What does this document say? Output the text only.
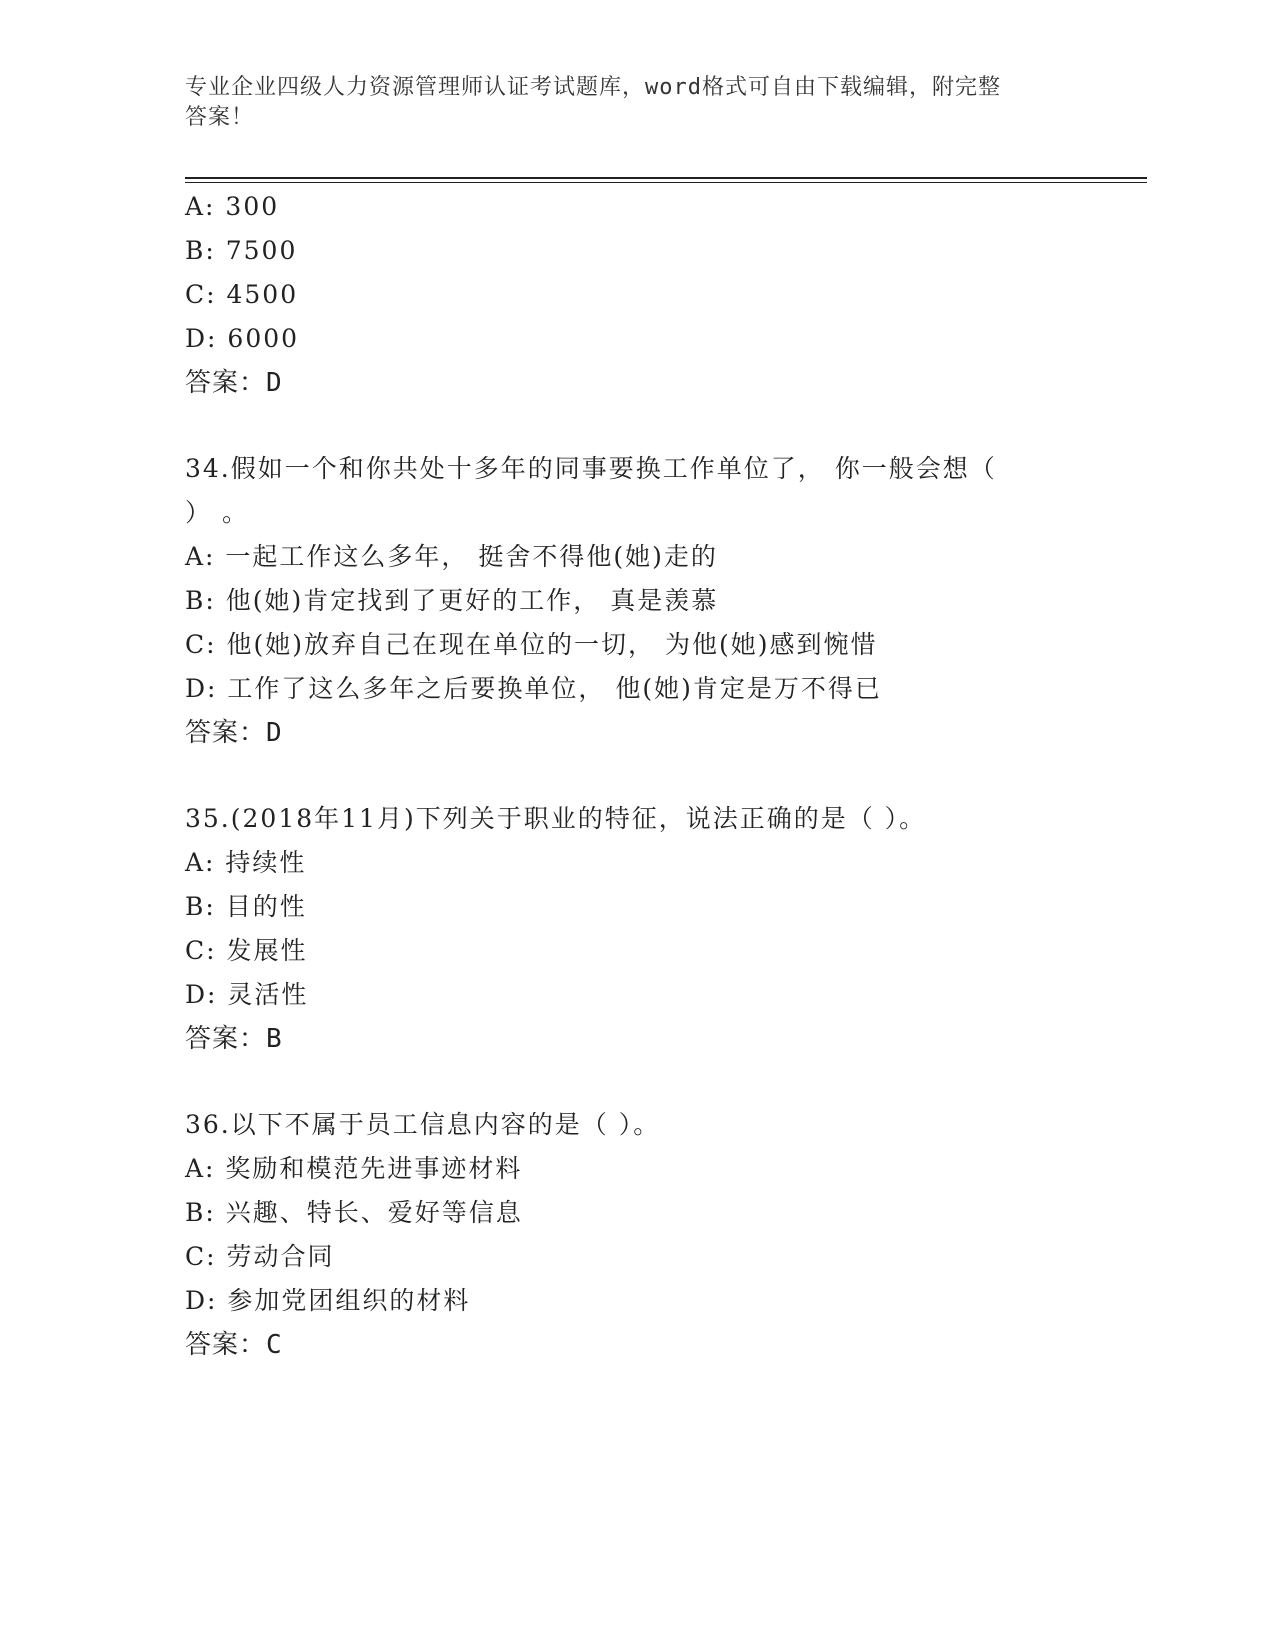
专业企业四级人力资源管理师认证考试题库，word格式可自由下载编辑，附完整
答案！
A: 300
B: 7500
C: 4500
D: 6000
答案：D
34.假如一个和你共处十多年的同事要换工作单位了， 你一般会想（
） 。
A: 一起工作这么多年， 挺舍不得他(她)走的
B: 他(她)肯定找到了更好的工作， 真是羡慕
C: 他(她)放弃自己在现在单位的一切， 为他(她)感到惋惜
D: 工作了这么多年之后要换单位， 他(她)肯定是万不得已
答案：D
35.(2018年11月)下列关于职业的特征，说法正确的是（ ）。
A: 持续性
B: 目的性
C: 发展性
D: 灵活性
答案：B
36.以下不属于员工信息内容的是（ ）。
A: 奖励和模范先进事迹材料
B: 兴趣、特长、爱好等信息
C: 劳动合同
D: 参加党团组织的材料
答案：C
